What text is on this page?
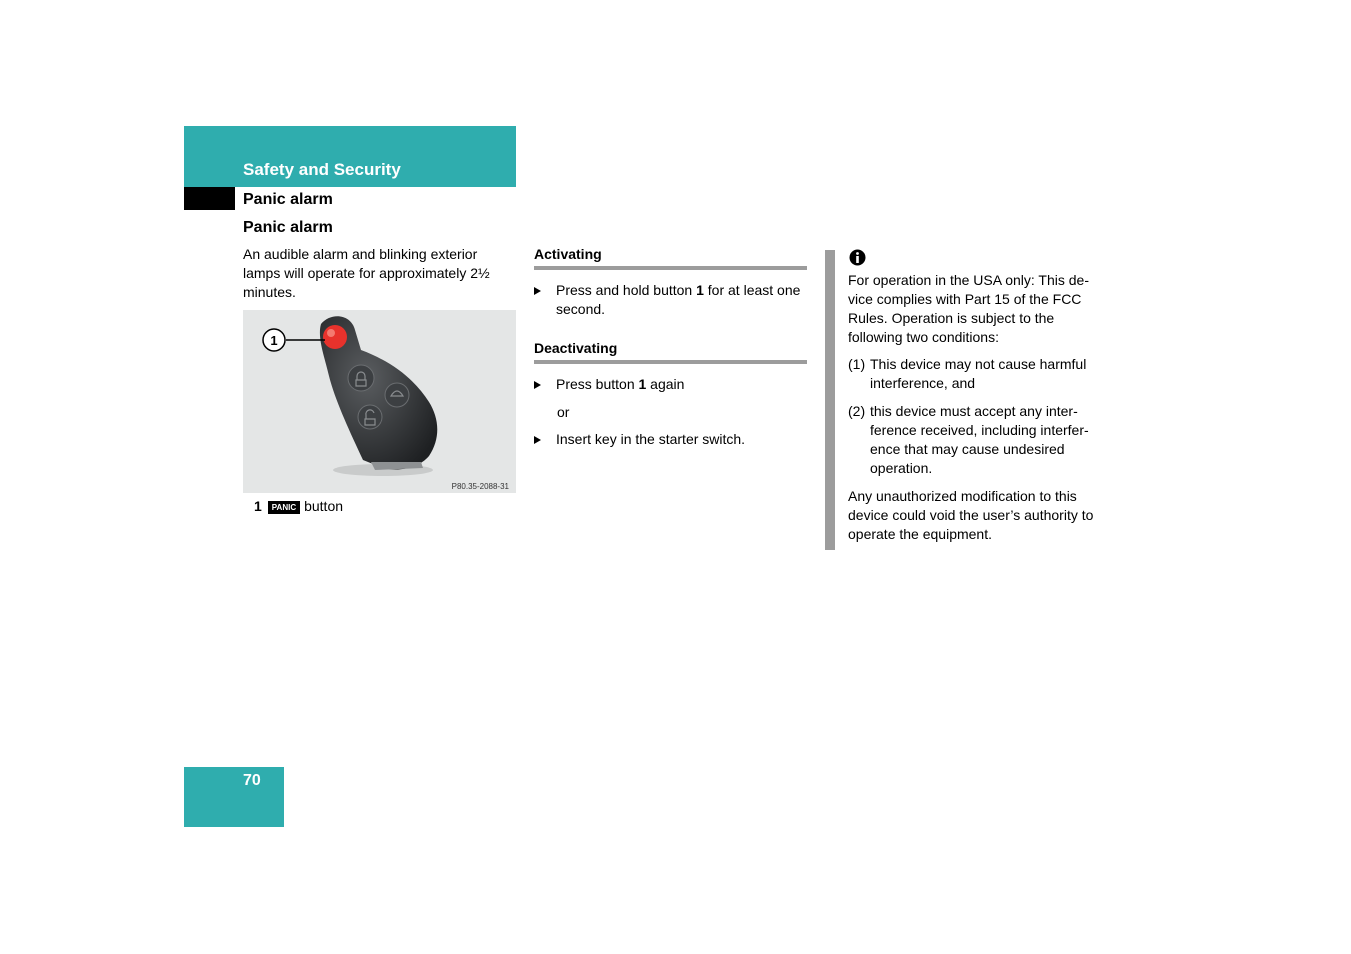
Safety and Security
Panic alarm
Panic alarm
An audible alarm and blinking exterior lamps will operate for approximately 2½ minutes.
1
P80.35-2088-31
1 PANIC button
Activating
Press and hold button 1 for at least one second.
Deactivating
Press button 1 again
or
Insert key in the starter switch.
For operation in the USA only: This de-vice complies with Part 15 of the FCC Rules. Operation is subject to the following two conditions:
(1) This device may not cause harmful interference, and
(2) this device must accept any inter-ference received, including interfer-ence that may cause undesired operation.
Any unauthorized modification to this device could void the user’s authority to operate the equipment.
70
